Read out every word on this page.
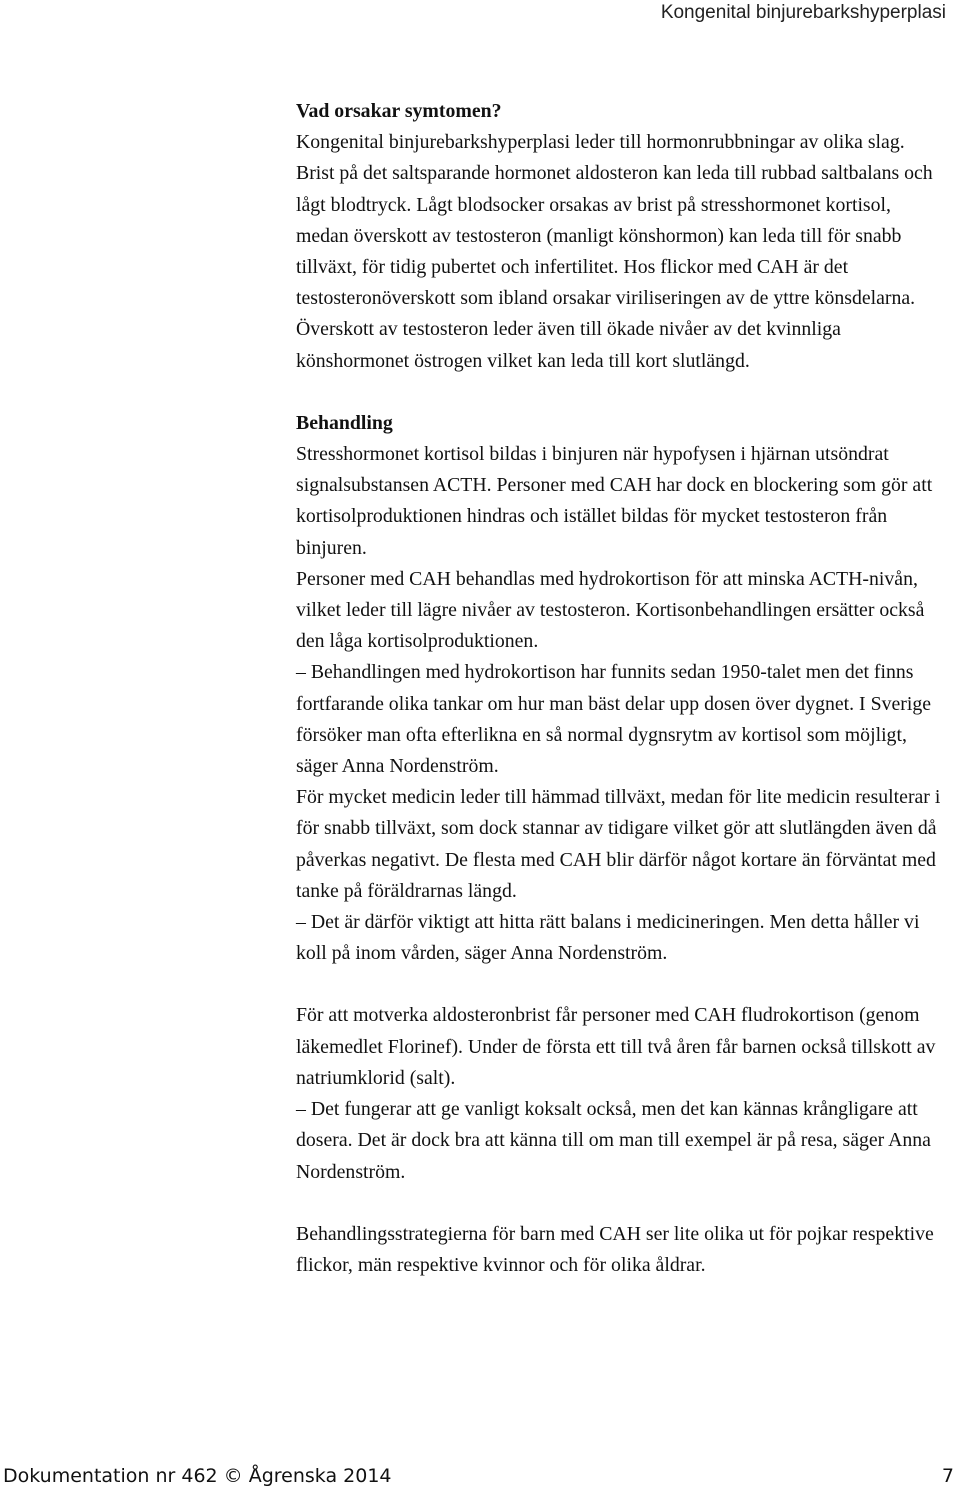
Kongenital binjurebarkshyperplasi

Vad orsakar symtomen?

Kongenital binjurebarkshyperplasi leder till hormonrubbningar av olika slag. Brist på det saltsparande hormonet aldosteron kan leda till rubbad saltbalans och lågt blodtryck. Lågt blodsocker orsakas av brist på stresshormonet kortisol, medan överskott av testosteron (manligt könshormon) kan leda till för snabb tillväxt, för tidig pubertet och infertilitet. Hos flickor med CAH är det testosteronöverskott som ibland orsakar viriliseringen av de yttre könsdelarna. Överskott av testosteron leder även till ökade nivåer av det kvinnliga könshormonet östrogen vilket kan leda till kort slutlängd.

Behandling

Stresshormonet kortisol bildas i binjuren när hypofysen i hjärnan utsöndrat signalsubstansen ACTH. Personer med CAH har dock en blockering som gör att kortisolproduktionen hindras och istället bildas för mycket testosteron från binjuren.

Personer med CAH behandlas med hydrokortison för att minska ACTH-nivån, vilket leder till lägre nivåer av testosteron. Kortisonbehandlingen ersätter också den låga kortisolproduktionen.

– Behandlingen med hydrokortison har funnits sedan 1950-talet men det finns fortfarande olika tankar om hur man bäst delar upp dosen över dygnet. I Sverige försöker man ofta efterlikna en så normal dygnsrytm av kortisol som möjligt, säger Anna Nordenström.

För mycket medicin leder till hämmad tillväxt, medan för lite medicin resulterar i för snabb tillväxt, som dock stannar av tidigare vilket gör att slutlängden även då påverkas negativt. De flesta med CAH blir därför något kortare än förväntat med tanke på föräldrarnas längd.

– Det är därför viktigt att hitta rätt balans i medicineringen. Men detta håller vi koll på inom vården, säger Anna Nordenström.

För att motverka aldosteronbrist får personer med CAH fludrokortison (genom läkemedlet Florinef). Under de första ett till två åren får barnen också tillskott av natriumklorid (salt).

– Det fungerar att ge vanligt koksalt också, men det kan kännas krångligare att dosera. Det är dock bra att känna till om man till exempel är på resa, säger Anna Nordenström.

Behandlingsstrategierna för barn med CAH ser lite olika ut för pojkar respektive flickor, män respektive kvinnor och för olika åldrar.

Dokumentation nr 462 © Ågrenska 2014	7
